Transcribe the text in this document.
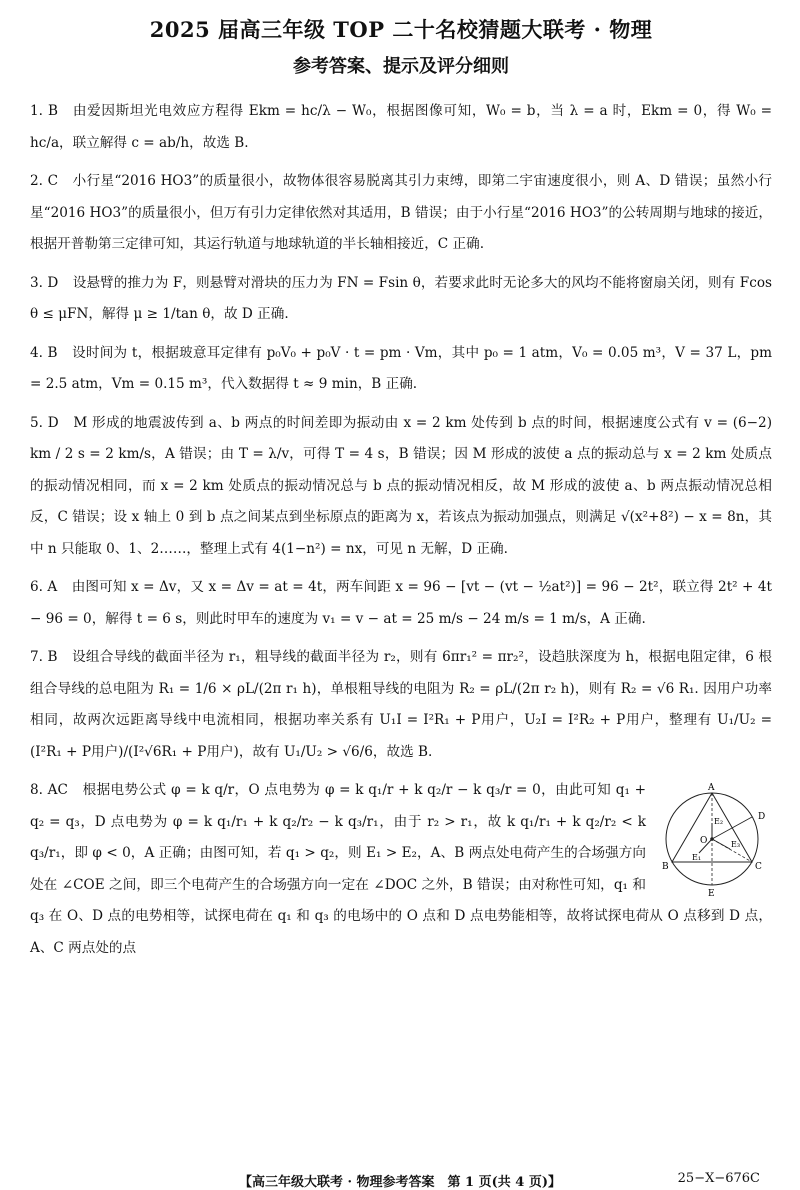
2025 届高三年级 TOP 二十名校猜题大联考 · 物理
参考答案、提示及评分细则
1. B 由爱因斯坦光电效应方程得 Ekm = hc/λ − W₀，根据图像可知，W₀ = b，当 λ = a 时，Ekm = 0，得 W₀ = hc/a，联立解得 c = ab/h，故选 B.
2. C 小行星“2016 HO3”的质量很小，故物体很容易脱离其引力束缚，即第二宇宙速度很小，则 A、D 错误；虽然小行星“2016 HO3”的质量很小，但万有引力定律依然对其适用，B 错误；由于小行星“2016 HO3”的公转周期与地球的接近，根据开普勒第三定律可知，其运行轨道与地球轨道的半长轴相接近，C 正确.
3. D 设悬臂的推力为 F，则悬臂对滑块的压力为 FN = Fsin θ，若要求此时无论多大的风均不能将窗扇关闭，则有 Fcos θ ≤ μFN，解得 μ ≥ 1/tan θ，故 D 正确.
4. B 设时间为 t，根据玻意耳定律有 p₀V₀ + p₀V · t = pm · Vm，其中 p₀ = 1 atm，V₀ = 0.05 m³，V = 37 L，pm = 2.5 atm，Vm = 0.15 m³，代入数据得 t ≈ 9 min，B 正确.
5. D M 形成的地震波传到 a、b 两点的时间差即为振动由 x = 2 km 处传到 b 点的时间，根据速度公式有 v = (6−2) km / 2 s = 2 km/s，A 错误；由 T = λ/v，可得 T = 4 s，B 错误；因 M 形成的波使 a 点的振动总与 x = 2 km 处质点的振动情况相同，而 x = 2 km 处质点的振动情况总与 b 点的振动情况相反，故 M 形成的波使 a、b 两点振动情况总相反，C 错误；设 x 轴上 0 到 b 点之间某点到坐标原点的距离为 x，若该点为振动加强点，则满足 √(x²+8²) − x = 8n，其中 n 只能取 0、1、2……，整理上式有 4(1−n²) = nx，可见 n 无解，D 正确.
6. A 由图可知 x = Δv，又 x = Δv = at = 4t，两车间距 x = 96 − [vt − (vt − ½at²)] = 96 − 2t²，联立得 2t² + 4t − 96 = 0，解得 t = 6 s，则此时甲车的速度为 v₁ = v − at = 25 m/s − 24 m/s = 1 m/s，A 正确.
7. B 设组合导线的截面半径为 r₁，粗导线的截面半径为 r₂，则有 6πr₁² = πr₂²，设趋肤深度为 h，根据电阻定律，6 根组合导线的总电阻为 R₁ = 1/6 × ρL/(2π r₁ h)，单根粗导线的电阻为 R₂ = ρL/(2π r₂ h)，则有 R₂ = √6 R₁. 因用户功率相同，故两次远距离导线中电流相同，根据功率关系有 U₁I = I²R₁ + P用户，U₂I = I²R₂ + P用户，整理有 U₁/U₂ = (I²R₁ + P用户)/(I²√6R₁ + P用户)，故有 U₁/U₂ > √6/6，故选 B.
A
B	C
D
E
O
E₂
E₁
E₃
8. AC 根据电势公式 φ = k q/r，O 点电势为 φ = k q₁/r + k q₂/r − k q₃/r = 0，由此可知 q₁ + q₂ = q₃，D 点电势为 φ = k q₁/r₁ + k q₂/r₂ − k q₃/r₁，由于 r₂ > r₁，故 k q₁/r₁ + k q₂/r₂ < k q₃/r₁，即 φ < 0，A 正确；由图可知，若 q₁ > q₂，则 E₁ > E₂，A、B 两点处电荷产生的合场强方向处在 ∠COE 之间，即三个电荷产生的合场强方向一定在 ∠DOC 之外，B 错误；由对称性可知，q₁ 和 q₃ 在 O、D 点的电势相等，试探电荷在 q₁ 和 q₃ 的电场中的 O 点和 D 点电势能相等，故将试探电荷从 O 点移到 D 点，A、C 两点处的点
【高三年级大联考 · 物理参考答案　第 1 页(共 4 页)】	25−X−676C
